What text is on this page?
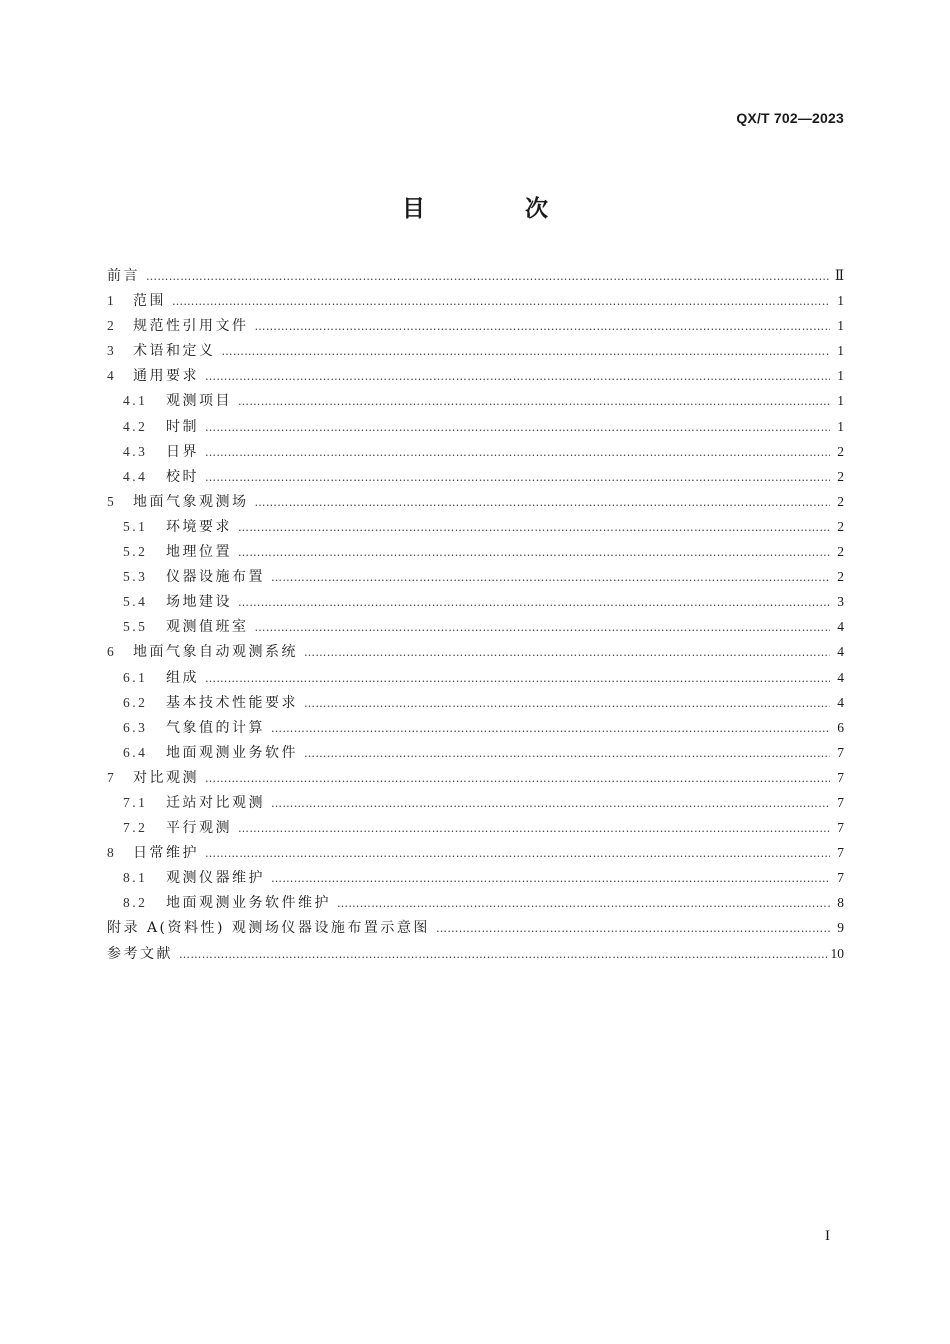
QX/T 702—2023
目 次
前言 …………………………………………………………………………………………………………………………………………………………………………………………………………………………………………………………	Ⅱ
1	范围 …………………………………………………………………………………………………………………………………………………………………………………………………………………………………………………………	1
2	规范性引用文件 …………………………………………………………………………………………………………………………………………………………………………………………………………………………………………………………	1
3	术语和定义 …………………………………………………………………………………………………………………………………………………………………………………………………………………………………………………………	1
4	通用要求 …………………………………………………………………………………………………………………………………………………………………………………………………………………………………………………………	1
4.1	观测项目 …………………………………………………………………………………………………………………………………………………………………………………………………………………………………………………………	1
4.2	时制 …………………………………………………………………………………………………………………………………………………………………………………………………………………………………………………………	1
4.3	日界 …………………………………………………………………………………………………………………………………………………………………………………………………………………………………………………………	2
4.4	校时 …………………………………………………………………………………………………………………………………………………………………………………………………………………………………………………………	2
5	地面气象观测场 …………………………………………………………………………………………………………………………………………………………………………………………………………………………………………………………	2
5.1	环境要求 …………………………………………………………………………………………………………………………………………………………………………………………………………………………………………………………	2
5.2	地理位置 …………………………………………………………………………………………………………………………………………………………………………………………………………………………………………………………	2
5.3	仪器设施布置 …………………………………………………………………………………………………………………………………………………………………………………………………………………………………………………………	2
5.4	场地建设 …………………………………………………………………………………………………………………………………………………………………………………………………………………………………………………………	3
5.5	观测值班室 …………………………………………………………………………………………………………………………………………………………………………………………………………………………………………………………	4
6	地面气象自动观测系统 …………………………………………………………………………………………………………………………………………………………………………………………………………………………………………………………	4
6.1	组成 …………………………………………………………………………………………………………………………………………………………………………………………………………………………………………………………	4
6.2	基本技术性能要求 …………………………………………………………………………………………………………………………………………………………………………………………………………………………………………………………	4
6.3	气象值的计算 …………………………………………………………………………………………………………………………………………………………………………………………………………………………………………………………	6
6.4	地面观测业务软件 …………………………………………………………………………………………………………………………………………………………………………………………………………………………………………………………	7
7	对比观测 …………………………………………………………………………………………………………………………………………………………………………………………………………………………………………………………	7
7.1	迁站对比观测 …………………………………………………………………………………………………………………………………………………………………………………………………………………………………………………………	7
7.2	平行观测 …………………………………………………………………………………………………………………………………………………………………………………………………………………………………………………………	7
8	日常维护 …………………………………………………………………………………………………………………………………………………………………………………………………………………………………………………………	7
8.1	观测仪器维护 …………………………………………………………………………………………………………………………………………………………………………………………………………………………………………………………	7
8.2	地面观测业务软件维护 …………………………………………………………………………………………………………………………………………………………………………………………………………………………………………………………	8
附录 A(资料性) 观测场仪器设施布置示意图 …………………………………………………………………………………………………………………………………………………………………………………………………………………………………………………………	9
参考文献 …………………………………………………………………………………………………………………………………………………………………………………………………………………………………………………………	10
I
